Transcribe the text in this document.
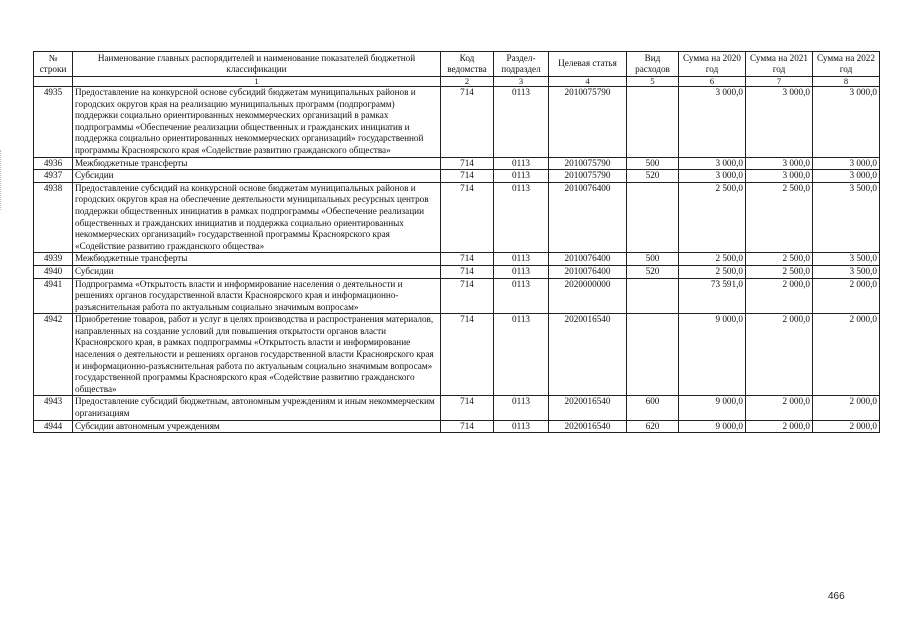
№ строки	Наименование главных распорядителей и наименование показателей бюджетной классификации	Код ведомства	Раздел-подраздел	Целевая статья	Вид расходов	Сумма на 2020 год	Сумма на 2021 год	Сумма на 2022 год
	1	2	3	4	5	6	7	8
4935	Предоставление на конкурсной основе субсидий бюджетам муниципальных районов и городских округов края на реализацию муниципальных программ (подпрограмм) поддержки социально ориентированных некоммерческих организаций в рамках подпрограммы «Обеспечение реализации общественных и гражданских инициатив и поддержка социально ориентированных некоммерческих организаций» государственной программы Красноярского края «Содействие развитию гражданского общества»	714	0113	2010075790		3 000,0	3 000,0	3 000,0
4936	Межбюджетные трансферты	714	0113	2010075790	500	3 000,0	3 000,0	3 000,0
4937	Субсидии	714	0113	2010075790	520	3 000,0	3 000,0	3 000,0
4938	Предоставление субсидий на конкурсной основе бюджетам муниципальных районов и городских округов края на обеспечение деятельности муниципальных ресурсных центров поддержки общественных инициатив в рамках подпрограммы «Обеспечение реализации общественных и гражданских инициатив и поддержка социально ориентированных некоммерческих организаций» государственной программы Красноярского края «Содействие развитию гражданского общества»	714	0113	2010076400		2 500,0	2 500,0	3 500,0
4939	Межбюджетные трансферты	714	0113	2010076400	500	2 500,0	2 500,0	3 500,0
4940	Субсидии	714	0113	2010076400	520	2 500,0	2 500,0	3 500,0
4941	Подпрограмма «Открытость власти и информирование населения о деятельности и решениях органов государственной власти Красноярского края и информационно-разъяснительная работа по актуальным социально значимым вопросам»	714	0113	2020000000		73 591,0	2 000,0	2 000,0
4942	Приобретение товаров, работ и услуг в целях производства и распространения материалов, направленных на создание условий для повышения открытости органов власти Красноярского края, в рамках подпрограммы «Открытость власти и информирование населения о деятельности и решениях органов государственной власти Красноярского края и информационно-разъяснительная работа по актуальным социально значимым вопросам» государственной программы Красноярского края «Содействие развитию гражданского общества»	714	0113	2020016540		9 000,0	2 000,0	2 000,0
4943	Предоставление субсидий бюджетным, автономным учреждениям и иным некоммерческим организациям	714	0113	2020016540	600	9 000,0	2 000,0	2 000,0
4944	Субсидии автономным учреждениям	714	0113	2020016540	620	9 000,0	2 000,0	2 000,0
466
